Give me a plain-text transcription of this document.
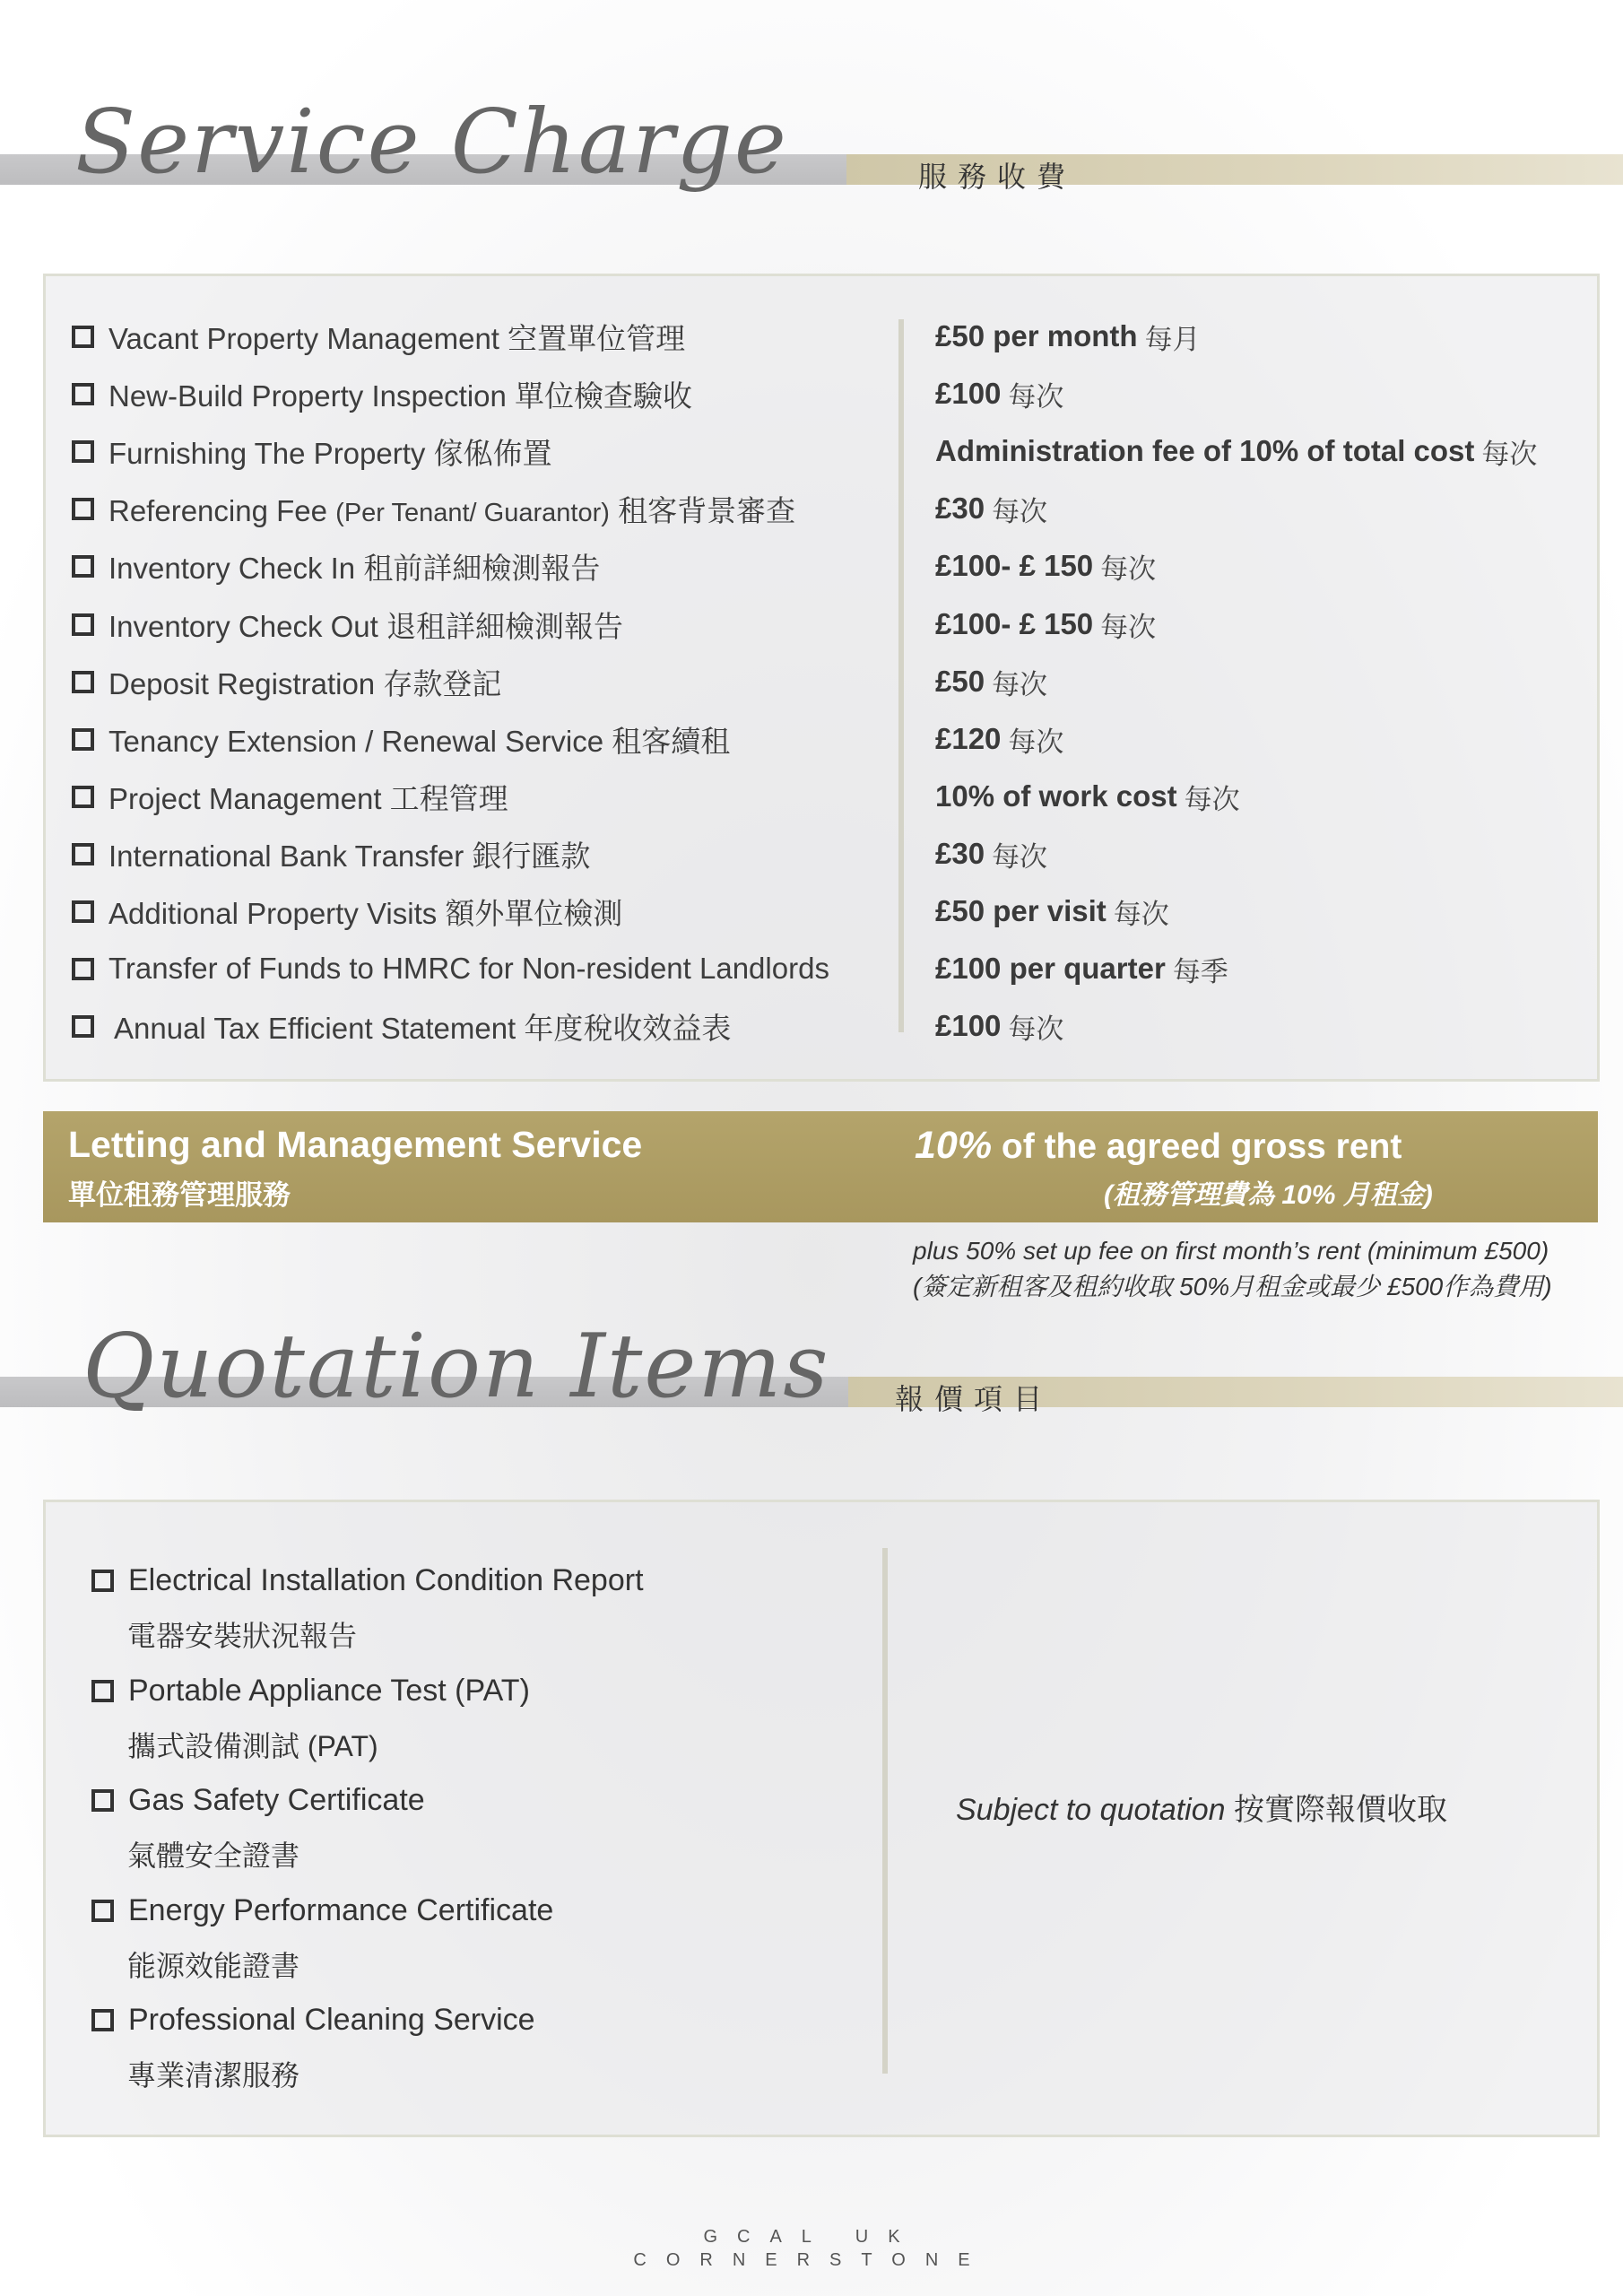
Service Charge	服務收費
Vacant Property Management 空置單位管理	£50 per month 每月
New-Build Property Inspection 單位檢查驗收	£100 每次
Furnishing The Property 傢俬佈置	Administration fee of 10% of total cost 每次
Referencing Fee (Per Tenant/ Guarantor) 租客背景審查	£30 每次
Inventory Check In 租前詳細檢測報告	£100- £ 150 每次
Inventory Check Out 退租詳細檢測報告	£100- £ 150 每次
Deposit Registration 存款登記	£50 每次
Tenancy Extension / Renewal Service 租客續租	£120 每次
Project Management 工程管理	10% of work cost 每次
International Bank Transfer 銀行匯款	£30 每次
Additional Property Visits 額外單位檢測	£50 per visit 每次
Transfer of Funds to HMRC for Non-resident Landlords	£100 per quarter 每季
Annual Tax Efficient Statement 年度稅收效益表	£100 每次
Letting and Management Service
單位租務管理服務
10% of the agreed gross rent
(租務管理費為 10% 月租金)
plus 50% set up fee on first month’s rent (minimum £500)
(簽定新租客及租約收取 50%月租金或最少 £500作為費用)
Quotation Items 報價項目
Electrical Installation Condition Report
電器安裝狀況報告
Portable Appliance Test (PAT)
攜式設備測試 (PAT)
Gas Safety Certificate
氣體安全證書
Energy Performance Certificate
能源效能證書
Professional Cleaning Service
專業清潔服務
Subject to quotation 按實際報價收取
GCAL UK
CORNERSTONE
